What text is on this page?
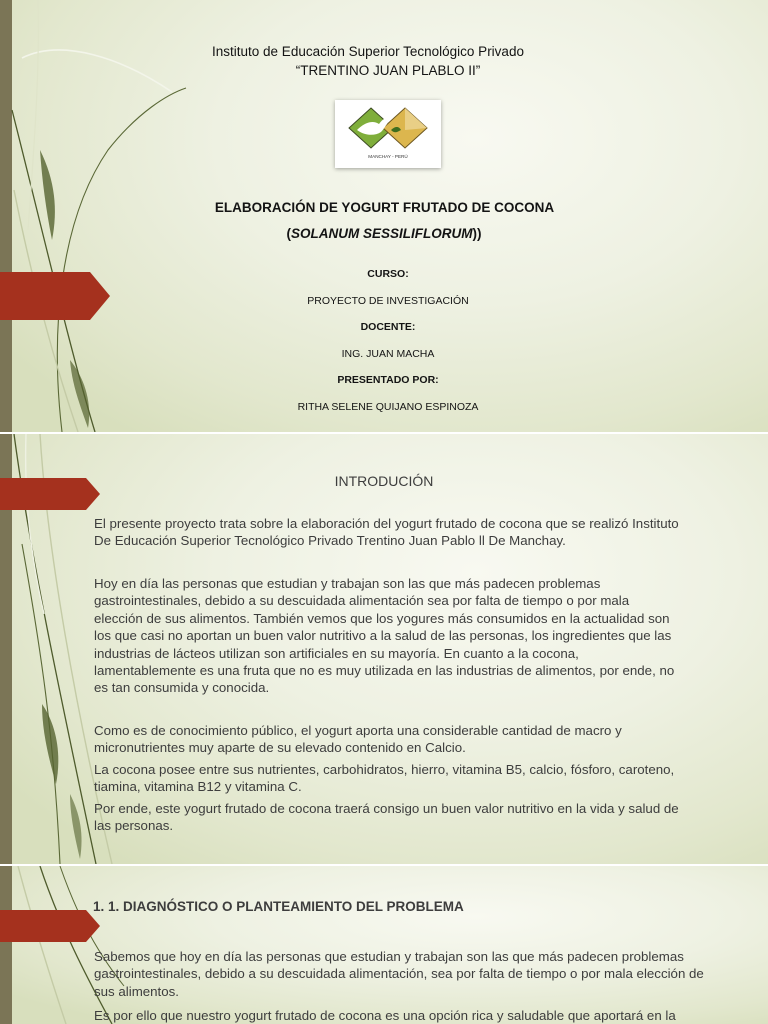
Instituto de Educación Superior Tecnológico Privado
“TRENTINO JUAN PLABLO II”
MANCHAY - PERÚ
ELABORACIÓN DE YOGURT FRUTADO DE COCONA
(SOLANUM SESSILIFLORUM))
CURSO:
PROYECTO DE INVESTIGACIÓN
DOCENTE:
ING. JUAN MACHA
PRESENTADO POR:
RITHA SELENE QUIJANO ESPINOZA
INTRODUCIÓN
El presente proyecto trata sobre la elaboración del yogurt frutado de cocona que se realizó Instituto
De Educación Superior Tecnológico Privado Trentino Juan Pablo ll De Manchay.
Hoy en día las personas que estudian y trabajan son las que más padecen problemas
gastrointestinales, debido a su descuidada alimentación sea por falta de tiempo o por mala
elección de sus alimentos. También vemos que los yogures más consumidos en la actualidad son
los que casi no aportan un buen valor nutritivo a la salud de las personas, los ingredientes que las
industrias de lácteos utilizan son artificiales en su mayoría. En cuanto a la cocona,
lamentablemente es una fruta que no es muy utilizada en las industrias de alimentos, por ende, no
es tan consumida y conocida.
Como es de conocimiento público, el yogurt aporta una considerable cantidad de macro y
micronutrientes muy aparte de su elevado contenido en Calcio.
La cocona posee entre sus nutrientes, carbohidratos, hierro, vitamina B5, calcio, fósforo, caroteno,
tiamina, vitamina B12 y vitamina C.
Por ende, este yogurt frutado de cocona traerá consigo un buen valor nutritivo en la vida y salud de
las personas.
1. 1. DIAGNÓSTICO O PLANTEAMIENTO DEL PROBLEMA
Sabemos que hoy en día las personas que estudian y trabajan son las que más padecen problemas
gastrointestinales, debido a su descuidada alimentación, sea por falta de tiempo o por mala elección de
sus alimentos.
Es por ello que nuestro yogurt frutado de cocona es una opción rica y saludable que aportará en la
